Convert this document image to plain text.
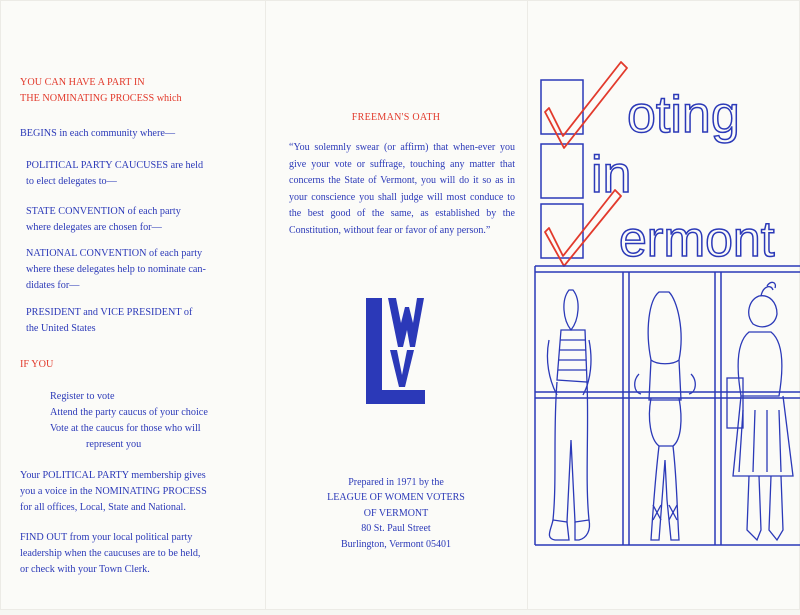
YOU CAN HAVE A PART IN
THE NOMINATING PROCESS which
BEGINS in each community where—
POLITICAL PARTY CAUCUSES are held
to elect delegates to—
STATE CONVENTION of each party
where delegates are chosen for—
NATIONAL CONVENTION of each party
where these delegates help to nominate can-
didates for—
PRESIDENT and VICE PRESIDENT of
the United States
IF YOU
Register to vote
Attend the party caucus of your choice
Vote at the caucus for those who will
represent you
Your POLITICAL PARTY membership gives
you a voice in the NOMINATING PROCESS
for all offices, Local, State and National.
FIND OUT from your local political party
leadership when the caucuses are to be held,
or check with your Town Clerk.
FREEMAN'S OATH
“You solemnly swear (or affirm) that when-ever you give your vote or suffrage, touching any matter that concerns the State of Vermont, you will do it so as in your conscience you shall judge will most conduce to the best good of the same, as established by the Constitution, without fear or favor of any person.”
Prepared in 1971 by the
LEAGUE OF WOMEN VOTERS
OF VERMONT
80 St. Paul Street
Burlington, Vermont 05401
oting
in
ermont
